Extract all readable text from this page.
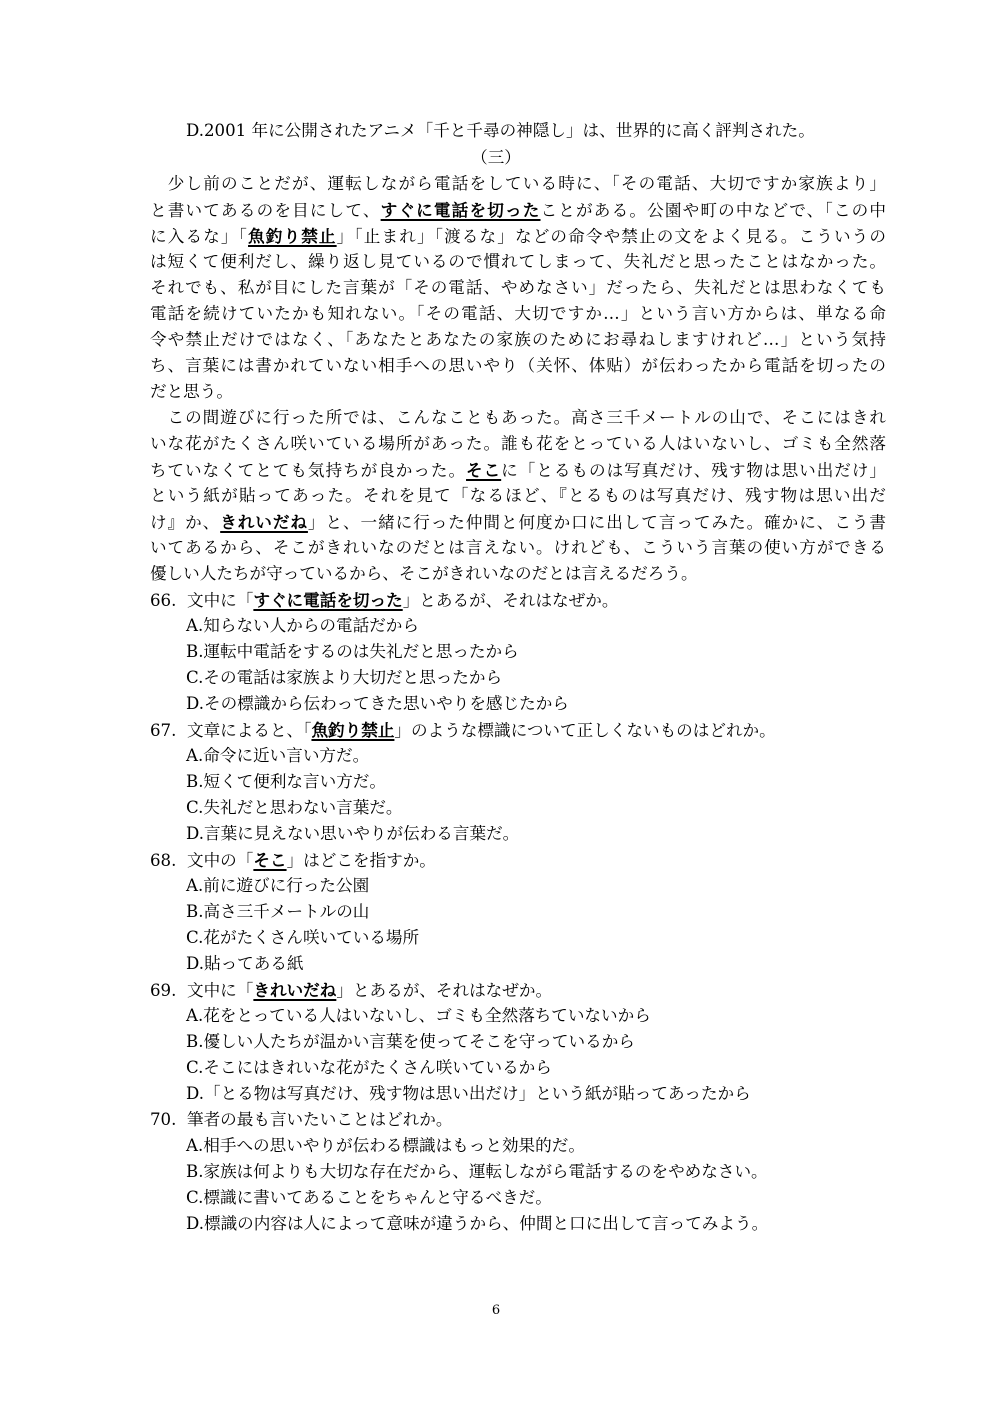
D.2001 年に公開されたアニメ「千と千尋の神隠し」は、世界的に高く評判された。
（三）
　少し前のことだが、運転しながら電話をしている時に、「その電話、大切ですか家族より」
と書いてあるのを目にして、すぐに電話を切ったことがある。公園や町の中などで、「この中
に入るな」「魚釣り禁止」「止まれ」「渡るな」などの命令や禁止の文をよく見る。こういうの
は短くて便利だし、繰り返し見ているので慣れてしまって、失礼だと思ったことはなかった。
それでも、私が目にした言葉が「その電話、やめなさい」だったら、失礼だとは思わなくても
電話を続けていたかも知れない。「その電話、大切ですか…」という言い方からは、単なる命
令や禁止だけではなく、「あなたとあなたの家族のためにお尋ねしますけれど…」という気持
ち、言葉には書かれていない相手への思いやり（关怀、体贴）が伝わったから電話を切ったの
だと思う。
　この間遊びに行った所では、こんなこともあった。高さ三千メートルの山で、そこにはきれ
いな花がたくさん咲いている場所があった。誰も花をとっている人はいないし、ゴミも全然落
ちていなくてとても気持ちが良かった。そこに「とるものは写真だけ、残す物は思い出だけ」
という紙が貼ってあった。それを見て「なるほど、『とるものは写真だけ、残す物は思い出だ
け』か、きれいだね」と、一緒に行った仲間と何度か口に出して言ってみた。確かに、こう書
いてあるから、そこがきれいなのだとは言えない。けれども、こういう言葉の使い方ができる
優しい人たちが守っているから、そこがきれいなのだとは言えるだろう。
66. 文中に「すぐに電話を切った」とあるが、それはなぜか。
A.知らない人からの電話だから
B.運転中電話をするのは失礼だと思ったから
C.その電話は家族より大切だと思ったから
D.その標識から伝わってきた思いやりを感じたから
67. 文章によると、「魚釣り禁止」のような標識について正しくないものはどれか。
A.命令に近い言い方だ。
B.短くて便利な言い方だ。
C.失礼だと思わない言葉だ。
D.言葉に見えない思いやりが伝わる言葉だ。
68. 文中の「そこ」はどこを指すか。
A.前に遊びに行った公園
B.高さ三千メートルの山
C.花がたくさん咲いている場所
D.貼ってある紙
69. 文中に「きれいだね」とあるが、それはなぜか。
A.花をとっている人はいないし、ゴミも全然落ちていないから
B.優しい人たちが温かい言葉を使ってそこを守っているから
C.そこにはきれいな花がたくさん咲いているから
D.「とる物は写真だけ、残す物は思い出だけ」という紙が貼ってあったから
70. 筆者の最も言いたいことはどれか。
A.相手への思いやりが伝わる標識はもっと効果的だ。
B.家族は何よりも大切な存在だから、運転しながら電話するのをやめなさい。
C.標識に書いてあることをちゃんと守るべきだ。
D.標識の内容は人によって意味が違うから、仲間と口に出して言ってみよう。
6
